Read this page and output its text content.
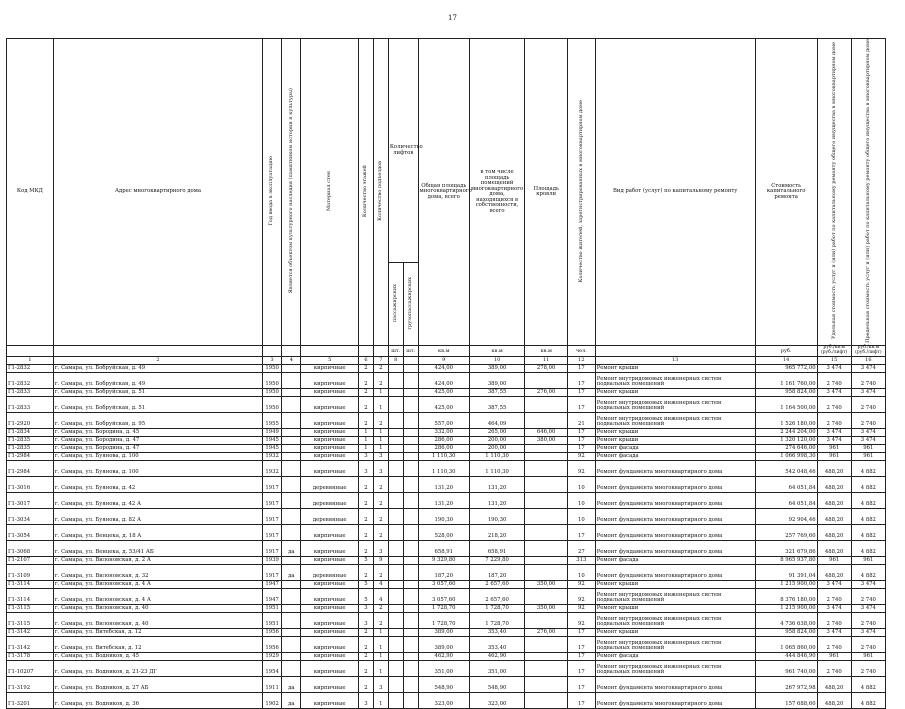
17
Код МКД	Адрес многоквартирного дома	Год ввода в эксплуатацию	Является объектом культурного наследия (памятником истории и культуры)	Материал стен	Количество этажей	Количество подъездов	Количество лифтов		Общая площадь многоквартирного дома, всего	в том числе площадь помещений многоквартирного дома, находящихся в собственности, всего	Площадь кровли	Количество жителей, зарегистрированных в многоквартирном доме	Вид работ (услуг) по капитальному ремонту	Стоимость капитального ремонта	Удельная стоимость услуг и (или) работ по капитальному ремонту общего имущества в многоквартирном доме	Предельная стоимость услуг и (или) работ по капитальному ремонту общего имущества в многоквартирном доме
							пассажирских	грузопассажирских								
							шт.	шт.	кв.м	кв.м	кв.м	чел.		руб.	руб./кв.м (руб./лифт)	руб./кв.м (руб./лифт)
1	2	3	4	5	6	7	8		9	10	11	12	13	14	15	16
Г1-2832	г. Самара, ул. Бобруйская, д. 49	1950		кирпичные	2	2			424,00	389,00	278,00	17	Ремонт крыши	965 772,00	3 474	3 474
Г1-2832	г. Самара, ул. Бобруйская, д. 49	1950		кирпичные	2	2			424,00	389,00		17	Ремонт внутридомовых инженерных систем подвальных помещений	1 161 760,00	2 740	2 740
Г1-2833	г. Самара, ул. Бобруйская, д. 51	1950		кирпичные	2	1			425,00	387,55	276,00	17	Ремонт крыши	958 824,00	3 474	3 474
Г1-2833	г. Самара, ул. Бобруйская, д. 51	1950		кирпичные	2	1			425,00	387,55		17	Ремонт внутридомовых инженерных систем подвальных помещений	1 164 500,00	2 740	2 740
Г1-2920	г. Самара, ул. Бобруйская, д. 95	1955		кирпичные	2	2			557,00	464,09		21	Ремонт внутридомовых инженерных систем подвальных помещений	1 526 180,00	2 740	2 740
Г1-2834	г. Самара, ул. Бородина, д. 45	1949		кирпичные	1	1			332,00	265,00	646,00	17	Ремонт крыши	2 244 204,00	3 474	3 474
Г1-2835	г. Самара, ул. Бородина, д. 47	1945		кирпичные	1	1			286,00	200,00	380,00	17	Ремонт крыши	1 320 120,00	3 474	3 474
Г1-2835	г. Самара, ул. Бородина, д. 47	1945		кирпичные	1	1			286,00	200,00		17	Ремонт фасада	274 646,00	961	961
Г1-2984	г. Самара, ул. Буянова, д. 100	1932		кирпичные	3	3			1 110,30	1 110,30		92	Ремонт фасада	1 066 998,30	961	961
Г1-2984	г. Самара, ул. Буянова, д. 100	1932		кирпичные	3	3			1 110,30	1 110,30		92	Ремонт фундамента многоквартирного дома	542 048,46	488,20	4 882
Г1-3016	г. Самара, ул. Буянова, д. 42	1917		деревянные	2	2			131,20	131,20		10	Ремонт фундамента многоквартирного дома	64 051,84	488,20	4 882
Г1-3017	г. Самара, ул. Буянова, д. 42 А	1917		деревянные	2	2			131,20	131,20		10	Ремонт фундамента многоквартирного дома	64 051,84	488,20	4 882
Г1-3034	г. Самара, ул. Буянова, д. 82 А	1917		деревянные	2	2			190,30	190,30		10	Ремонт фундамента многоквартирного дома	92 904,46	488,20	4 882
Г1-3054	г. Самара, ул. Венцека, д. 18 А	1917		кирпичные	2	2			528,00	218,20		17	Ремонт фундамента многоквартирного дома	257 769,60	488,20	4 882
Г1-3068	г. Самара, ул. Венцека, д. 53/41 АБ	1917	да	кирпичные	2	3			658,91	658,91		27	Ремонт фундамента многоквартирного дома	321 679,86	488,20	4 882
Г1-2107	г. Самара, ул. Вилоновская, д. 2 А	1939		кирпичные	5	9			9 329,80	7 229,80		313	Ремонт фасада	8 965 937,80	961	961
Г1-3109	г. Самара, ул. Вилоновская, д. 32	1917	да	деревянные	2	2			187,20	187,20		10	Ремонт фундамента многоквартирного дома	91 391,04	488,20	4 882
Г1-3114	г. Самара, ул. Вилоновская, д. 4 А	1947		кирпичные	5	4			3 057,60	2 657,60	350,00	92	Ремонт крыши	1 215 900,00	3 474	3 474
Г1-3114	г. Самара, ул. Вилоновская, д. 4 А	1947		кирпичные	5	4			3 057,60	2 657,60		92	Ремонт внутридомовых инженерных систем подвальных помещений	8 376 180,00	2 740	2 740
Г1-3115	г. Самара, ул. Вилоновская, д. 40	1951		кирпичные	3	2			1 728,70	1 728,70	350,00	92	Ремонт крыши	1 215 900,00	3 474	3 474
Г1-3115	г. Самара, ул. Вилоновская, д. 40	1951		кирпичные	3	2			1 728,70	1 728,70		92	Ремонт внутридомовых инженерных систем подвальных помещений	4 736 638,00	2 740	2 740
Г1-3142	г. Самара, ул. Витебская, д. 12	1956		кирпичные	2	1			389,00	353,40	276,00	17	Ремонт крыши	958 824,00	3 474	3 474
Г1-3142	г. Самара, ул. Витебская, д. 12	1956		кирпичные	2	1			389,00	353,40		17	Ремонт внутридомовых инженерных систем подвальных помещений	1 065 860,00	2 740	2 740
Г1-3178	г. Самара, ул. Водников, д. 45	1929		кирпичные	2	1			462,90	462,90		17	Ремонт фасада	444 846,90	961	961
Г1-10207	г. Самара, ул. Водников, д. 21-23 ДГ	1954		кирпичные	2	1			351,00	351,00		17	Ремонт внутридомовых инженерных систем подвальных помещений	961 740,00	2 740	2 740
Г1-3192	г. Самара, ул. Водников, д. 27 АБ	1911	да	кирпичные	2	3			548,90	548,90		17	Ремонт фундамента многоквартирного дома	267 972,98	488,20	4 882
Г1-3201	г. Самара, ул. Водников, д. 36	1902	да	кирпичные	3	1			323,00	323,00		17	Ремонт фундамента многоквартирного дома	157 688,60	488,20	4 882
